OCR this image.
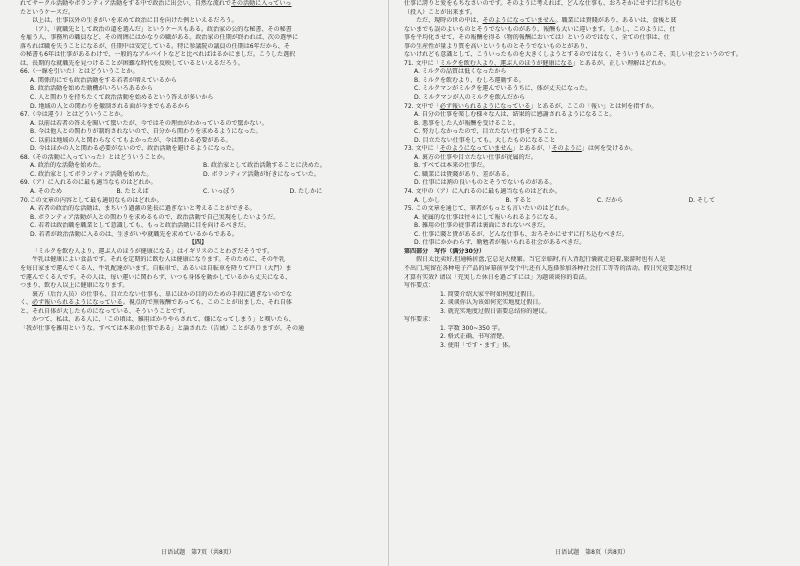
れてサークル活動やボランティア活動をする中で政治に出会い、自然な流れでその活動に入っていっ
たというケースだ。
以上は、仕事以外の生きがいを求めて政治に目を向けた例といえるだろう。
（ア）、「就職先として政治の道を選んだ」というケースもある。政治家の公的な秘書、その秘書
を雇う人、事務所の職員など、その周囲にはかなりの職がある。政治家の任期が終われば、次の選挙に
落ちれば職を失うことになるが、任期中は安定している。特に参議院の議員の任期は6年だから、そ
の秘書も6年は仕事があるわけで、一般的なアルバイトなどと比べればはるかにましだ。こうした選択
は、長期的な就職先を見つけることが困難な時代を反映しているといえるだろう。
66.（一線を引いた）とはどういうことか。
A. 関係的にでも政治活動をする若者が増えているから
B. 政治活動を始めた動機がいろいろあるから
C. 人と関わりを持ちたくて政治活動を始めるという答えが多いから
D. 地域の人との関わりを撤制される面が今までもあるから
67.（今は違う）とはどういうことか。
A. 以前は若者の答えを聞いて驚いたが、今ではその理由がわかっているので驚かない。
B. 今は他人との関わりが制約されないので、自分から関わりを求めるようになった。
C. 以前は地域の人と関わらなくてもよかったが、今は関わる必要がある。
D. 今はほかの人と関わる必要がないので、政治活動を避けるようになった。
68.（その活動に入っていった）とはどういうことか。
A. 政治的な活動を始めた。	B. 政治家として政治活動することに決めた。
C. 政治家としてボランティア活動を始めた。	D. ボランティア活動が好きになっていた。
69.（ア）に入れるのに最も適当なものはどれか。
A. そのため	B. たとえば	C. いっぽう	D. たしかに
70.この文章の内容として最も適切なものはどれか。
A. 若者の政治的な活動は、まちいう過激の延長に過ぎないと考えることができる。
B. ボランティア活動が人との関わりを求めるもので、政治活動で自己実現をしたいようだ。
C. 若者は政治職を職業として意識しても、もっと政治活動に目を向けるべきだ。
D. 若者が政治活動に入るのは、生きがいや就職先を求めているからである。
【四】
「ミルクを飲む人より、運ぶ人のほうが健康になる」はイギリスのことわざだそうです。
牛乳は健康によい食品です。それを定期的に飲む人は健康になります。そのために、その牛乳
を毎日家まで運んでくる人、牛乳配達がいます。自転車で、あるいは自転車を降りて戸口（大門）ま
で運んでくる人です。その人は、毎い運いに関わらず、いつも身体を動かしているから丈夫になる、
つまり、飲む人以上に健康になります。
裏方（后台人员）の仕事も、目立たない仕事も、単にほかの目的のための手段に過ぎないのでな
く、必ず報いられるようになっている。視点的で無報酬であっても、このことが出ました、それ自体
と、それ自体が大したものになっている、そういうことです。
かつて、私は、ある人に、「この頃は、雑用ばかりやらされて、嫌になってしまう」と嘆いたら、
「我が仕事を雑用というな。すべては本来の仕事である」と論された（告诫）ことがありますが、その通
日语试题　第7页（共8页）
仕事に誇りと愛をもちなさいのです。そのように考えれば、どんな仕事も、おろそかにせずに打ち込む
（投入）ことが出来ます。
ただ、現時の世の中は、そのようになっていません。職業には貴賤があり、あるいは、食後と貧
ないまでも誤のよいものとそうでないものがあり、報酬も大いに違います。しかし、このように、仕
事を平均化させて、その報酬を得る（物的報酬においては）というのではなく、全ての仕事は、仕
事の生産性が量より質を高いというものとそうでないものとがあり、
ないけれども意識として、こういったものを大きくしようとするのではなく、そういうものこそ、美しい社会というのです。
71. 文中に「ミルクを飲む人より、運ぶ人のほうが健康になる」とあるが、正しい理解はどれか。
A. ミルクの品質は低くなったから
B. ミルクを飲むより、むしろ運動する。
C. ミルクマンがミルクを運んでいるうちに、体が丈夫になった。
D. ミルクマンが人のミルクを飲んだから
72. 文中で「必ず報いられるようになっている」とあるが、ここの「報い」とは何を指すか。
A. 自分の仕事を楽しむ様々な人は、結果的に感謝されるようになること。
B. 悪事をした人が報酬を受けること。
C. 努力しなかったので、目立たない仕事をすること。
D. 目立たない仕事をしても、大したものになること
73. 文中に「そのようになっていません」とあるが、「そのように」は何を受けるか。
A. 裏方の仕事や目立たない仕事が従属的だ。
B. すべては本来の仕事だ。
C. 職業には貴賤があり、差がある。
D. 仕事には割の良いものとそうでないものがある。
74. 文中の（ア）に入れるのに最も適当なものはどれか。
A. しかし	B. すると	C. だから	D. そして
75. この文章を通じて、筆者がもっとも言いたいのはどれか。
A. 従属的な仕事は往々にして報いられるようになる。
B. 雑用の仕事の従事者は裏面にされないべきだ。
C. 仕事に賤と貴があるが、どんな仕事も、おろそかにせずに打ち込むべきだ。
D. 仕事にかかわらず、勤勉者が報いられる社会があるべきだ。
第四部分　写作（满分30分）
假日太比卖好,但通畅折盘,它总是大便繁。当它幸临时,有人背起行囊就走迫着,旅游时也有人是
不出门,宛留在各种电子产品的屏幕前享受个中;还有人选择参加各种社会打工等等的活动。假日究竟要怎样过
才算有实效? 请以「充実した休日を過ごすには」为题谈谈你的看法。
写作要点：
1. 简要介绍大家平时如何度过假日。
2. 谈谈你认为该如何充实地度过假日。
3. 就充实地度过假日需要总结你的建议。
写作要求：
1. 字数 300~350 字。
2. 格式正确、书写清楚。
3. 使用「です・ます」体。
日语试题　第8页（共8页）
